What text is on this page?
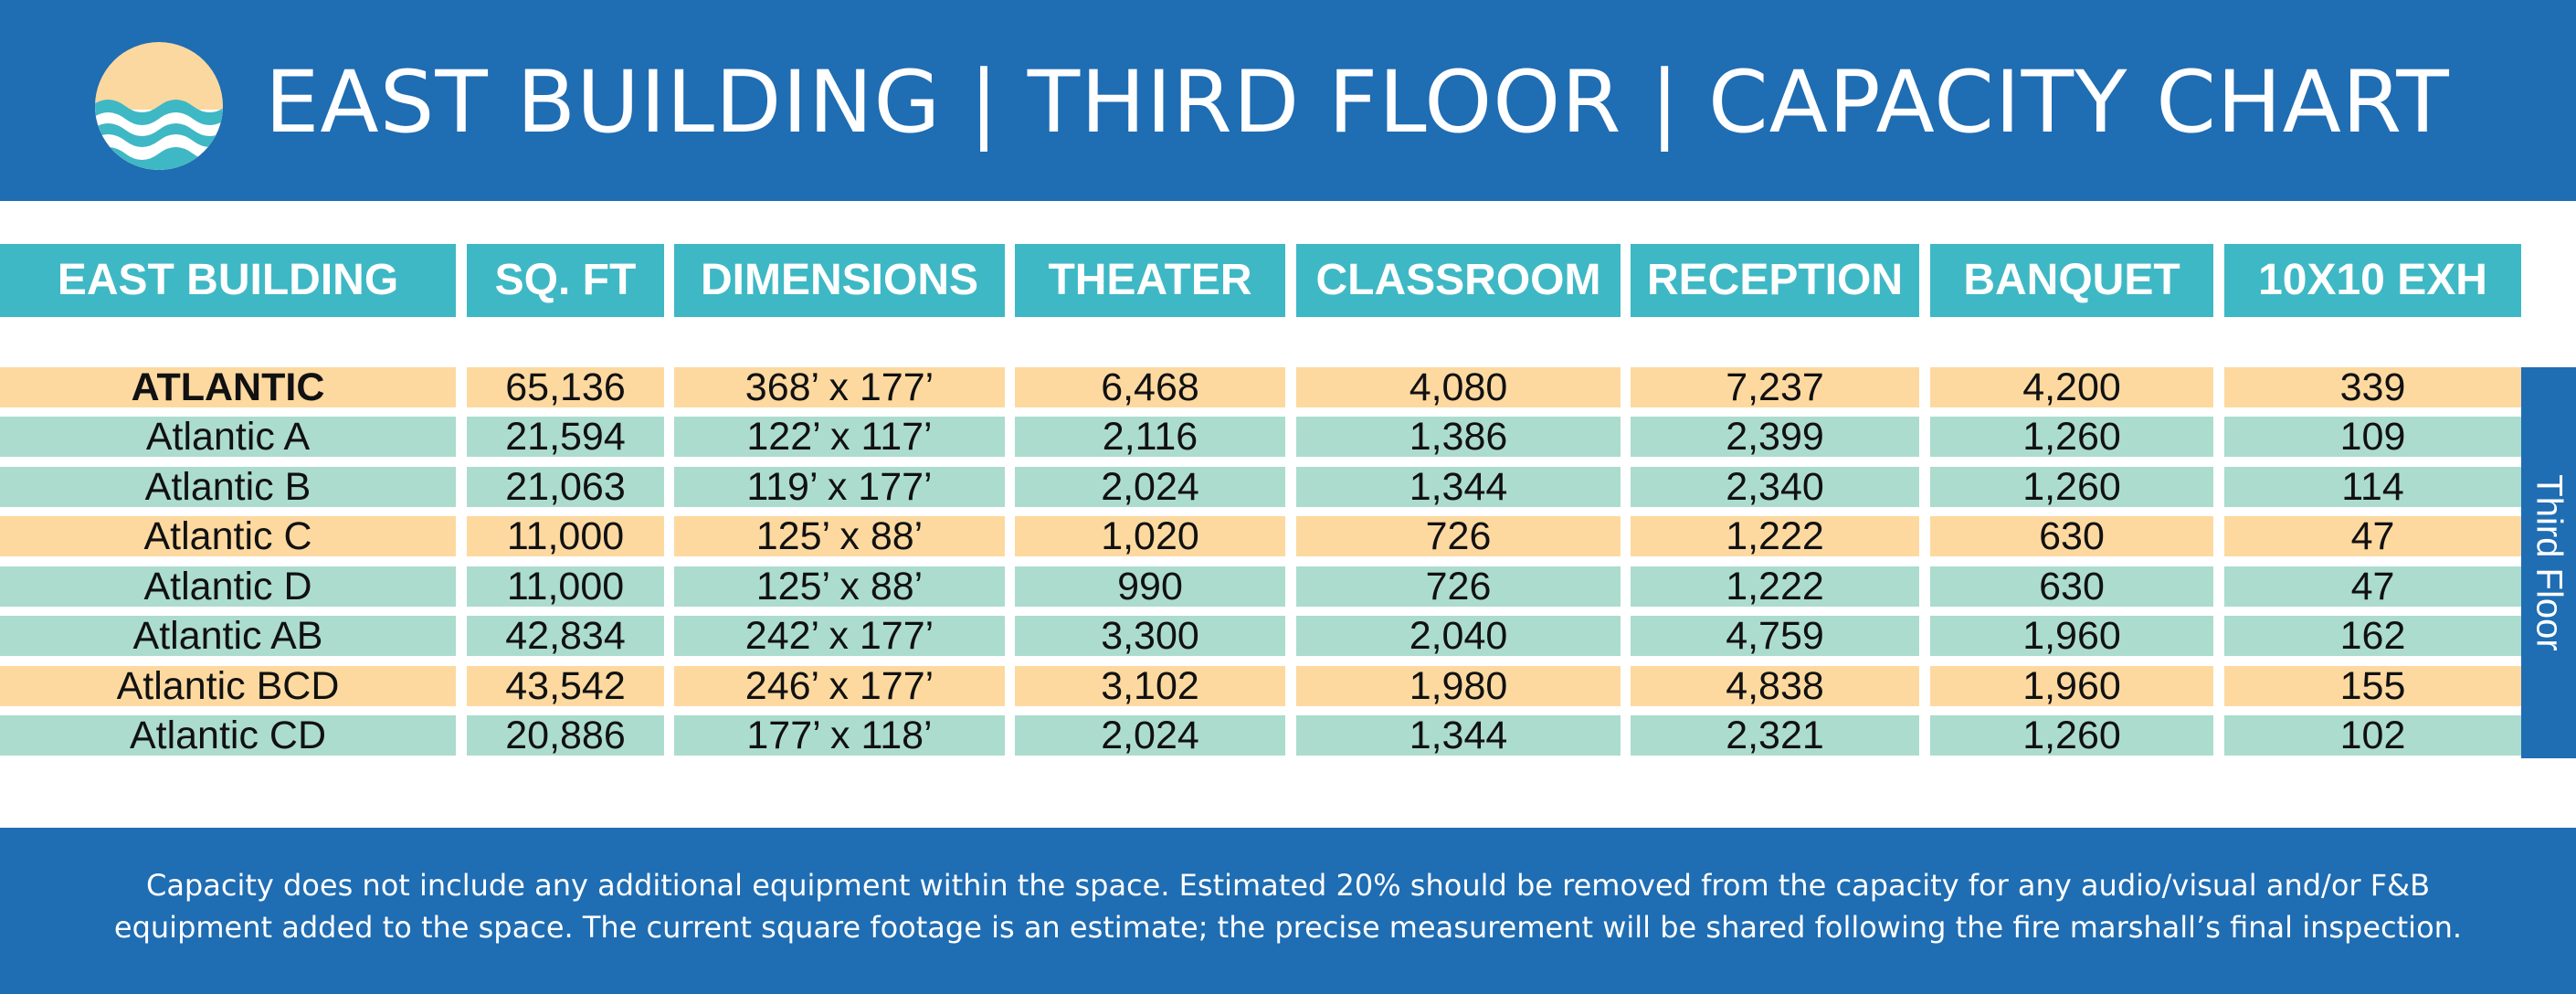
EAST BUILDING | THIRD FLOOR | CAPACITY CHART
EAST BUILDING	SQ. FT	DIMENSIONS	THEATER	CLASSROOM	RECEPTION	BANQUET	10X10 EXH
ATLANTIC	65,136	368’ x 177’	6,468	4,080	7,237	4,200	339
Atlantic A	21,594	122’ x 117’	2,116	1,386	2,399	1,260	109
Atlantic B	21,063	119’ x 177’	2,024	1,344	2,340	1,260	114
Atlantic C	11,000	125’ x 88’	1,020	726	1,222	630	47
Atlantic D	11,000	125’ x 88’	990	726	1,222	630	47
Atlantic AB	42,834	242’ x 177’	3,300	2,040	4,759	1,960	162
Atlantic BCD	43,542	246’ x 177’	3,102	1,980	4,838	1,960	155
Atlantic CD	20,886	177’ x 118’	2,024	1,344	2,321	1,260	102
Third Floor
Capacity does not include any additional equipment within the space. Estimated 20% should be removed from the capacity for any audio/visual and/or F&B
equipment added to the space. The current square footage is an estimate; the precise measurement will be shared following the fire marshall’s final inspection.
